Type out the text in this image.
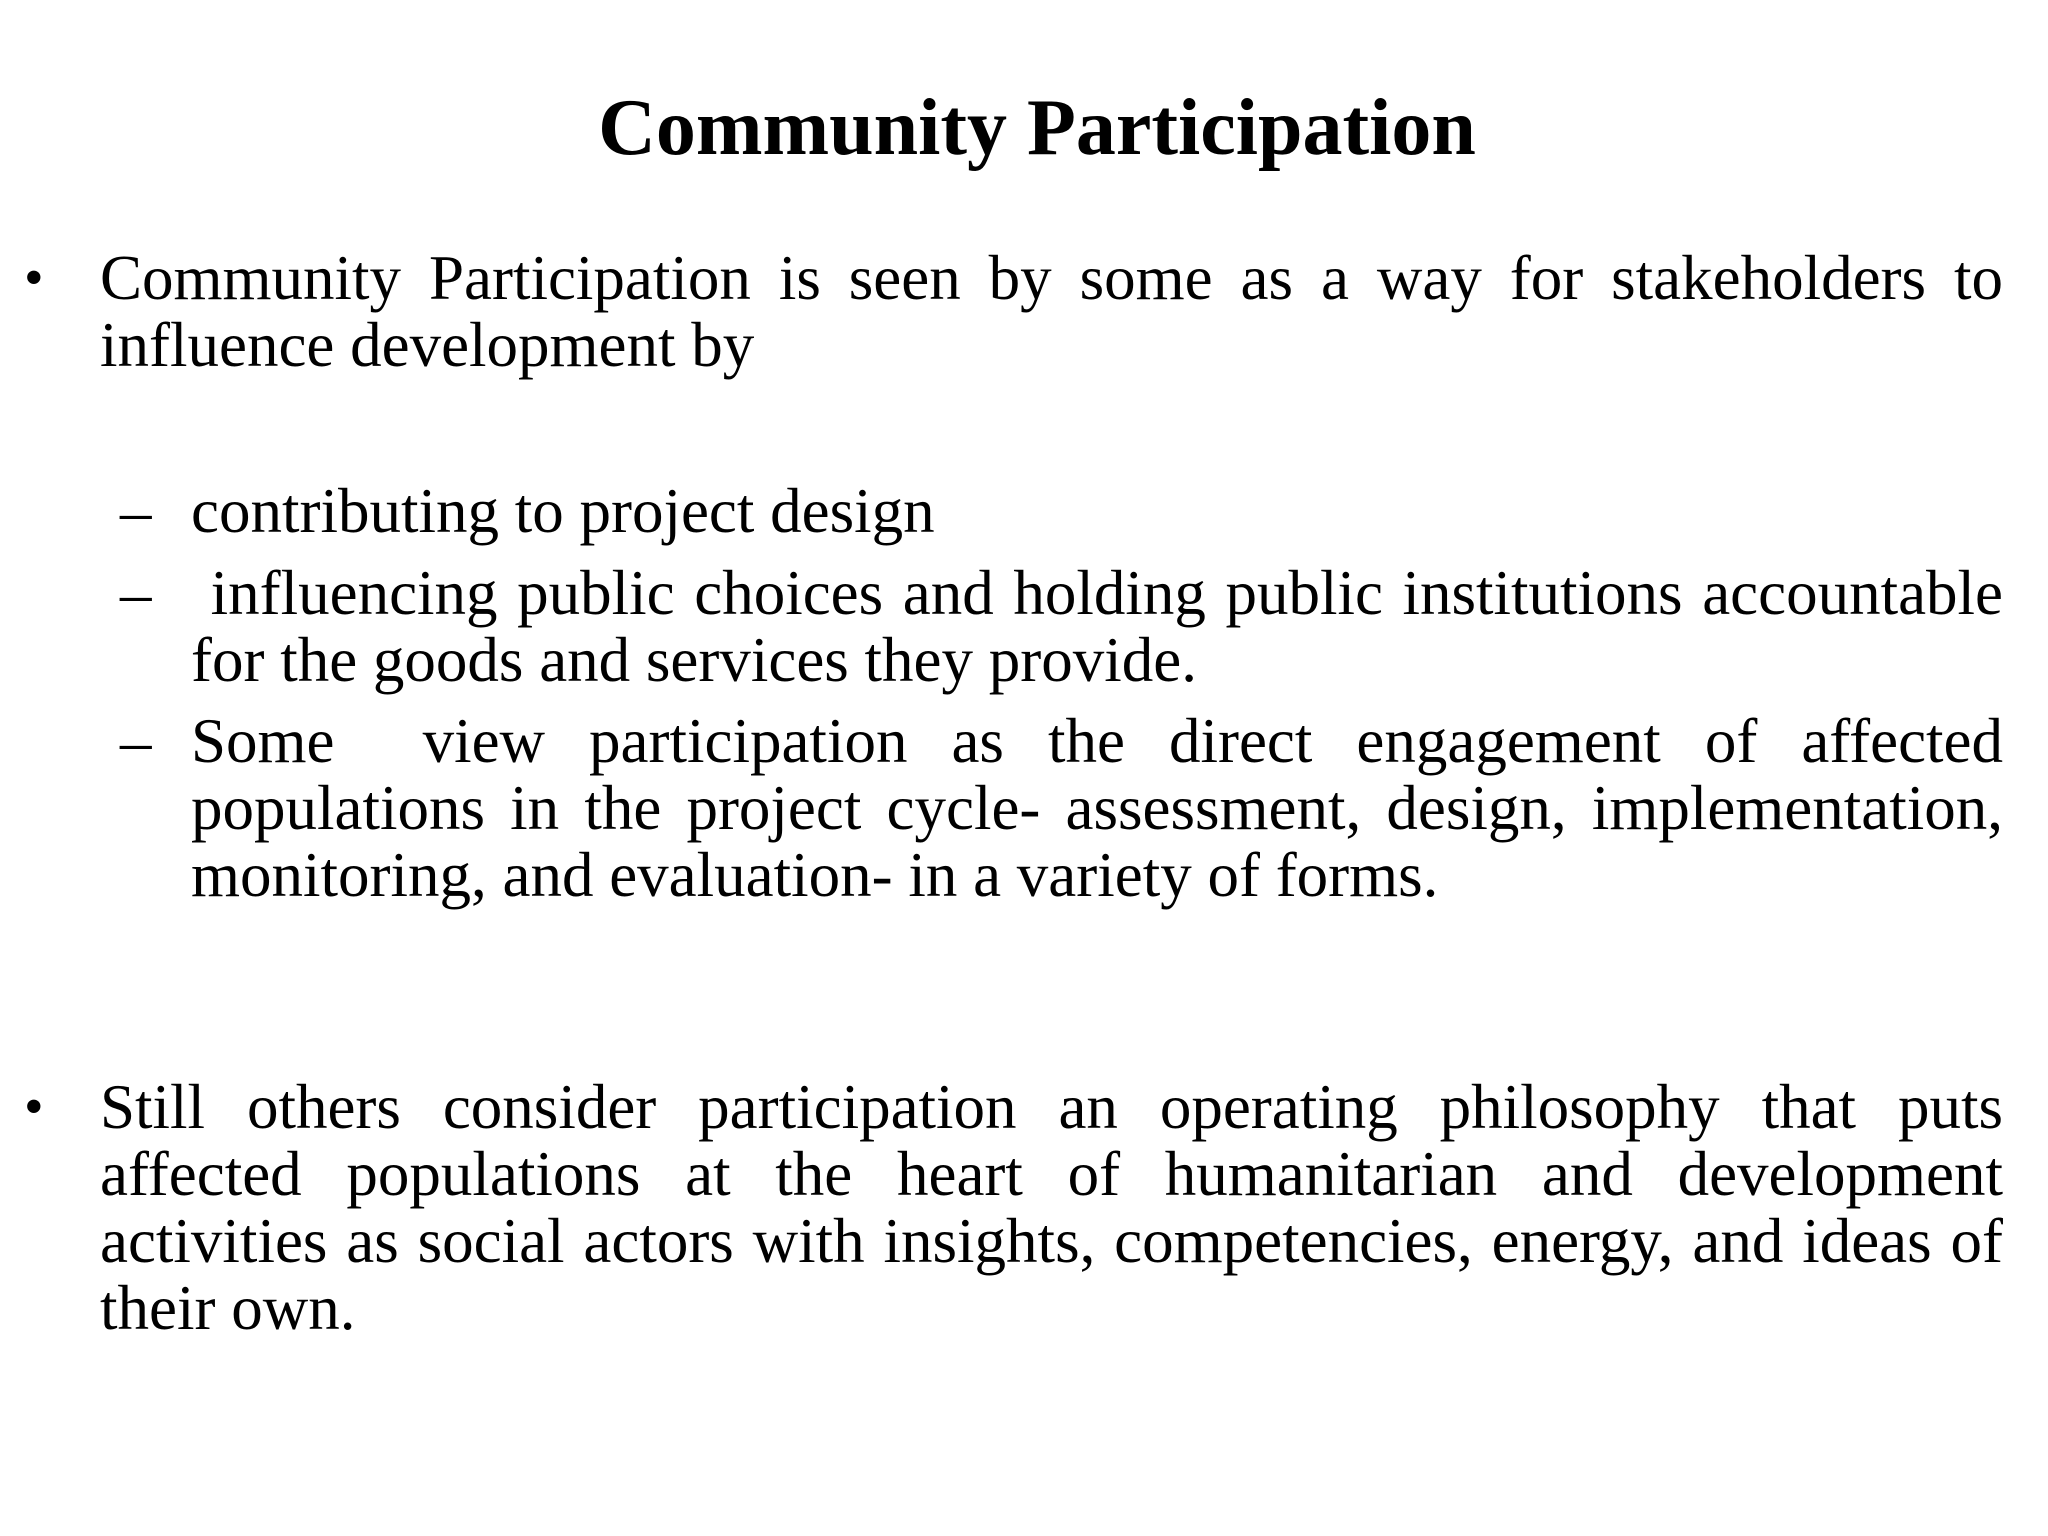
Community Participation
• Community Participation is seen by some as a way for stakeholders to influence development by
– contributing to project design
– influencing public choices and holding public institutions accountable for the goods and services they provide.
– Some  view participation as the direct engagement of affected populations in the project cycle- assessment, design, implementation, monitoring, and evaluation- in a variety of forms.
• Still others consider participation an operating philosophy that puts affected populations at the heart of humanitarian and development activities as social actors with insights, competencies, energy, and ideas of their own.
